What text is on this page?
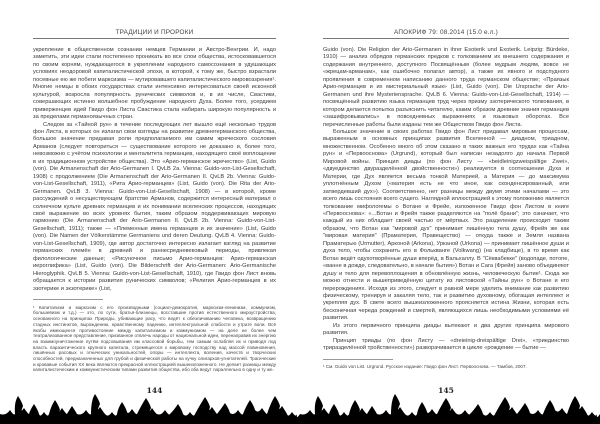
ТРАДИЦИИ И ПРОРОКИ

укрепление в общественном сознании немцев Германии и Австро-Венгрии. И, надо заметить, эти идеи стали постепенно проникать во все слои общества, истосковавшегося по своим корням, нуждающегося в укреплении народного самосознания в удушающих условиях неодоровой капиталистической эпохи, в которой, к тому же, быстро взрастали посевные ею же побеги марксизма — мутировавшего капиталистического мировоззрения¹. Многие немцы в обоих государствах стали интенсивно интересоваться своей исконной культурой, возросла популярность рунических символов и, в их числе, Свастики, совершающих истинно волшебное пробуждение народного Духа. Более того, усердием приверженцев идей Гвидо фон Листа Свастика стала набирать широкую популярность и за пределами германоязычных стран.

Следом за «Тайной рун» в течение последующих лет вышло ещё несколько трудов фон Листа, в которых он излагал свои взгляды на развитие древнегерманского общества, большое значение придавая роли предполагаемого им самим жреческого сословия Арманов (следует повториться — существование которого не доказано и, более того, невозможно с учётом психологии и менталитета германцев, находящего своё воплощение в их традиционном устройстве общества). Это «Арио-германское жречество» (List, Guido (von). Die Armanenschaft der Ario-Germanen I. QvLB 2a. Vienna: Guido-von-List-Gesellschaft, 1908) с продолжением (Die Armanenschaft der Ario-Germanen II. QvLB 2b. Vienna: Guido-von-List-Gesellschaft, 1911), «Рита Арио-германцев» (List, Guido (von). Die Rita der Ario-Germanen. QvLB 3. Vienna: Guido-von-List-Gesellschaft, 1908) — в которой, кроме рассуждений о несуществующем братстве Арманов, содержится интересный материал о солнечном культе древних германцев и их понимании вселенских процессов, находящих своё выражение во всех уровнях бытия, таким образом поддерживающих мировую гармонию (Die Armanenschaft der Ario-Germanen II. QvLB 2b. Vienna: Guido-von-List-Gesellschaft, 1911); также — «Племенные имена германцев и их значение» (List, Guido (von). Die Namen der Völkerstämme Germaniens und deren Deutung. QvLB 4. Vienna: Guido-von-List-Gesellschaft, 1909), где автор достаточно интересно излагает взгляд на развитие германских племён в древний и раннесредневековый периоды, привлекая филологические данные; «Рисуночное письмо Арио-германцев: Арио-германская иероглифика» (List, Guido (von). Die Bilderschrift der Ario-Germanen: Ario-Germanische Hieroglyphik. QvLB 5. Vienna: Guido-von-List-Gesellschaft, 1910), где Гвидо фон Лист вновь обращается к истории развития рунических символов; «Религия Арио-германцев в их эзотерике и экзотерике» (List,

¹ Капитализм и марксизм с его производными (социал-демократия, марксизм-ленинизм, коммунизм, большевизм и т.д.) — это, по сути, братья-близнецы, восставшие против естественного мироустройства, основанного на принципах Природы, убивающие расу, что ведёт к обезличиванию человека, возвращению стадных инстинктов, вырождению, нравственному падению, интеллектуальной слабости и утрате воли. Всё якобы имеющееся противостояние между капитализмом и коммунизмом — на деле не более чем театрализованное представление, призванное отвлечь народы от национальной идеи, перенаправив их энергию на взаимоуничтожение путём подсовывания им классовой борьбы, тем самым ослабляя их и приводя под власть паразитического крупного капитала, стремящегося к мировому господству над массой повиновения, лишённых расовых и этнических уникальностей, опоры — интеллекта, воления, качеств и творческих способностей, предназначенных для грубой и физической работы на кучку олигархов-угнетателей. Трагические и кровавые события XX века являются прекрасной иллюстрацией вышеизложенного. Не делает разницы между капиталистическим и коммунистическим типами развития общества, ибо оба ведут параллельно в одну и ту же.
144
АПОКРИФ 79: 08.2014 (15.0 е.л.)

Guido (von). Die Religion der Ario-Germanen in ihrer Esoterik und Exoterik. Leipzig: Bürdeke, 1910) — анализ обрядов германских предков с толкованием их внешнего содержания и содержания внутреннего, доступного Посвящённым (более мудрым людям, вовсе не «жрецам-арманам», как ошибочно полагал автор), а также их явного и подспудного проявления в современном написанию данного труда германском обществе; «Праязык Арио-германцев и их мистериальный язык» (List, Guido (von). Die Ursprache der Ario-Germanen und ihre Mysteriensprache. QvLB 6. Vienna: Guido-von-List-Gesellschaft, 1914) — посвящённый развитию языка германцев труд через призму эзотерического толкования, в котором делается попытка разъяснить читателю, каким образом древние знания германцев «зашифровывались» в повседневных выражениях и языковых оборотах. Все перечисленные работы были изданы тем же Обществом Гвидо фон Листа.

Большое значение в своих работах Гвидо фон Лист придавал мировым процессам, выраженным в основных принципах развития Вселенной — диадном, триадном, множественном. Особенно много об этом сказано в таких важных его трудах как «Тайна рун» и «Первооснова» (Urgrund), который был написан незадолго до начала Первой Мировой войны. Принцип диады (по фон Листу — «beidleinigzweispältige Zwei», «двуединство двуразделённой двойственности») реализуется в соотношении Духа и Материи, где Дух является весьма тонкой Материей, а Материя — до максимума уплотнённым Духом («материя есть не что иное, как сконденсированный, или затвердевший дух»). Соответственно, нет разницы между двумя этими началами — это всего лишь состояния всего сущего. Наглядной иллюстрацией к этому положению является толкование мифологемы о Вотане и Фрейе, изложенное Гвидо фон Листом в книге «Первооснова»: «...Вотан и Фрейя также разделяются на "полё брани"; это означает, что каждый из них обладает своей частью от мёртвых. Это разделение происходит таким образом, что Вотан как "мировой дух" принимает лишённую тела душу, Фрейя же как "мировая материя" (Праматерия, Правещество) — откуда также и Земля названа Праматерью (Urmutter), Арконой (Arkona), Урканой (Urkona) — принимает лишённое души и духа тело, чтобы сохранить его в Фолькванге (Volkwang) (на кладбище), в то время как Вотан ведёт одухотворённые души вперёд, в Вальхаллу. В "Сёквабекке" (водопаде, потопе, «ванне в дожде, следовательно, в начале бытия») Вотан и Сага (Фрейя) заново объединяют душу и тело для перевоплощения в обновлённую жизнь, человеческую бытие¹. Сюда же можно отнести и вышеприведённую цитату из листовской «Тайны рун» о Вотане и его перерождениях. Исходя из этого, следует в равной мере уделить внимание как развитию физическому, тренируя и закаляя тело, так и развитию духовному, обогащая интеллект и укрепляя дух. В свете всего вышеизложенного проясняется истина Жизни, которая есть бесконечная череда рождений и смертей, являющихся лишь необходимыми условиями её развития.

Из этого первичного принципа диады вытекают и два других принципа мирового развития.

Принцип триады (по фон Листу — «dreieinig-dreispältige Drei», «триединство триразделённой тройственности») разворачивается в цикле «рождение — бытие —

¹ См. Guido von List. Urgrund. Русское издание: Гвидо фон Лист. Первооснова. — Тамбов, 2007.
145
